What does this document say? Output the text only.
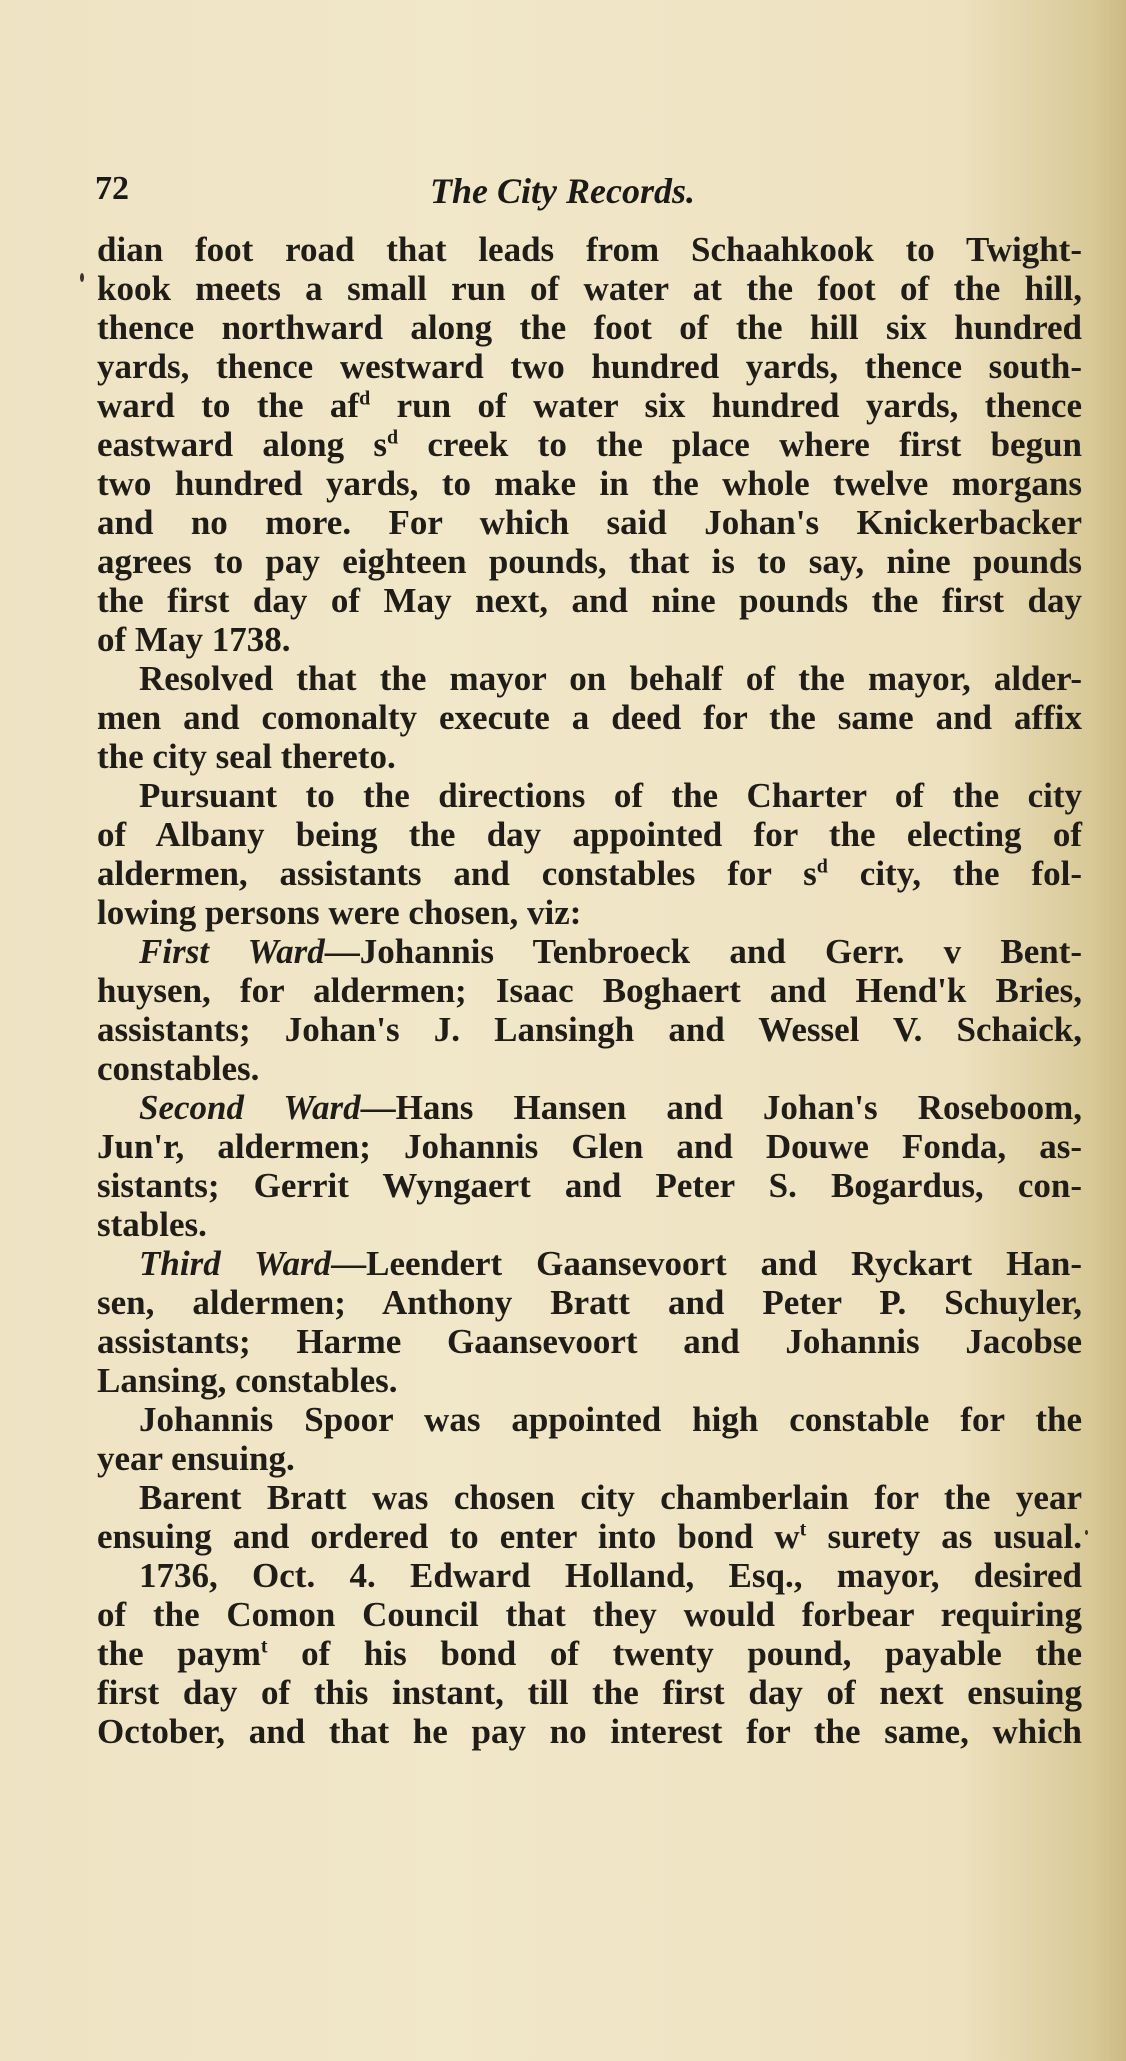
72	The City Records.
dian foot road that leads from Schaahkook to Twight-
kook meets a small run of water at the foot of the hill,
thence northward along the foot of the hill six hundred
yards, thence westward two hundred yards, thence south-
ward to the $af^d$ run of water six hundred yards, thence
eastward along $s^d$ creek to the place where first begun
two hundred yards, to make in the whole twelve morgans
and no more. For which said Johan's Knickerbacker
agrees to pay eighteen pounds, that is to say, nine pounds
the first day of May next, and nine pounds the first day
of May 1738.
Resolved that the mayor on behalf of the mayor, alder-
men and comonalty execute a deed for the same and affix
the city seal thereto.
Pursuant to the directions of the Charter of the city
of Albany being the day appointed for the electing of
aldermen, assistants and constables for $s^d$ city, the fol-
lowing persons were chosen, viz:
First Ward—Johannis Tenbroeck and Gerr. v Bent-
huysen, for aldermen; Isaac Boghaert and Hend'k Bries,
assistants; Johan's J. Lansingh and Wessel V. Schaick,
constables.
Second Ward—Hans Hansen and Johan's Roseboom,
Jun'r, aldermen; Johannis Glen and Douwe Fonda, as-
sistants; Gerrit Wyngaert and Peter S. Bogardus, con-
stables.
Third Ward—Leendert Gaansevoort and Ryckart Han-
sen, aldermen; Anthony Bratt and Peter P. Schuyler,
assistants; Harme Gaansevoort and Johannis Jacobse
Lansing, constables.
Johannis Spoor was appointed high constable for the
year ensuing.
Barent Bratt was chosen city chamberlain for the year
ensuing and ordered to enter into bond $w^t$ surety as usual.
1736, Oct. 4. Edward Holland, Esq., mayor, desired
of the Comon Council that they would forbear requiring
the paym$^t$ of his bond of twenty pound, payable the
first day of this instant, till the first day of next ensuing
October, and that he pay no interest for the same, which
